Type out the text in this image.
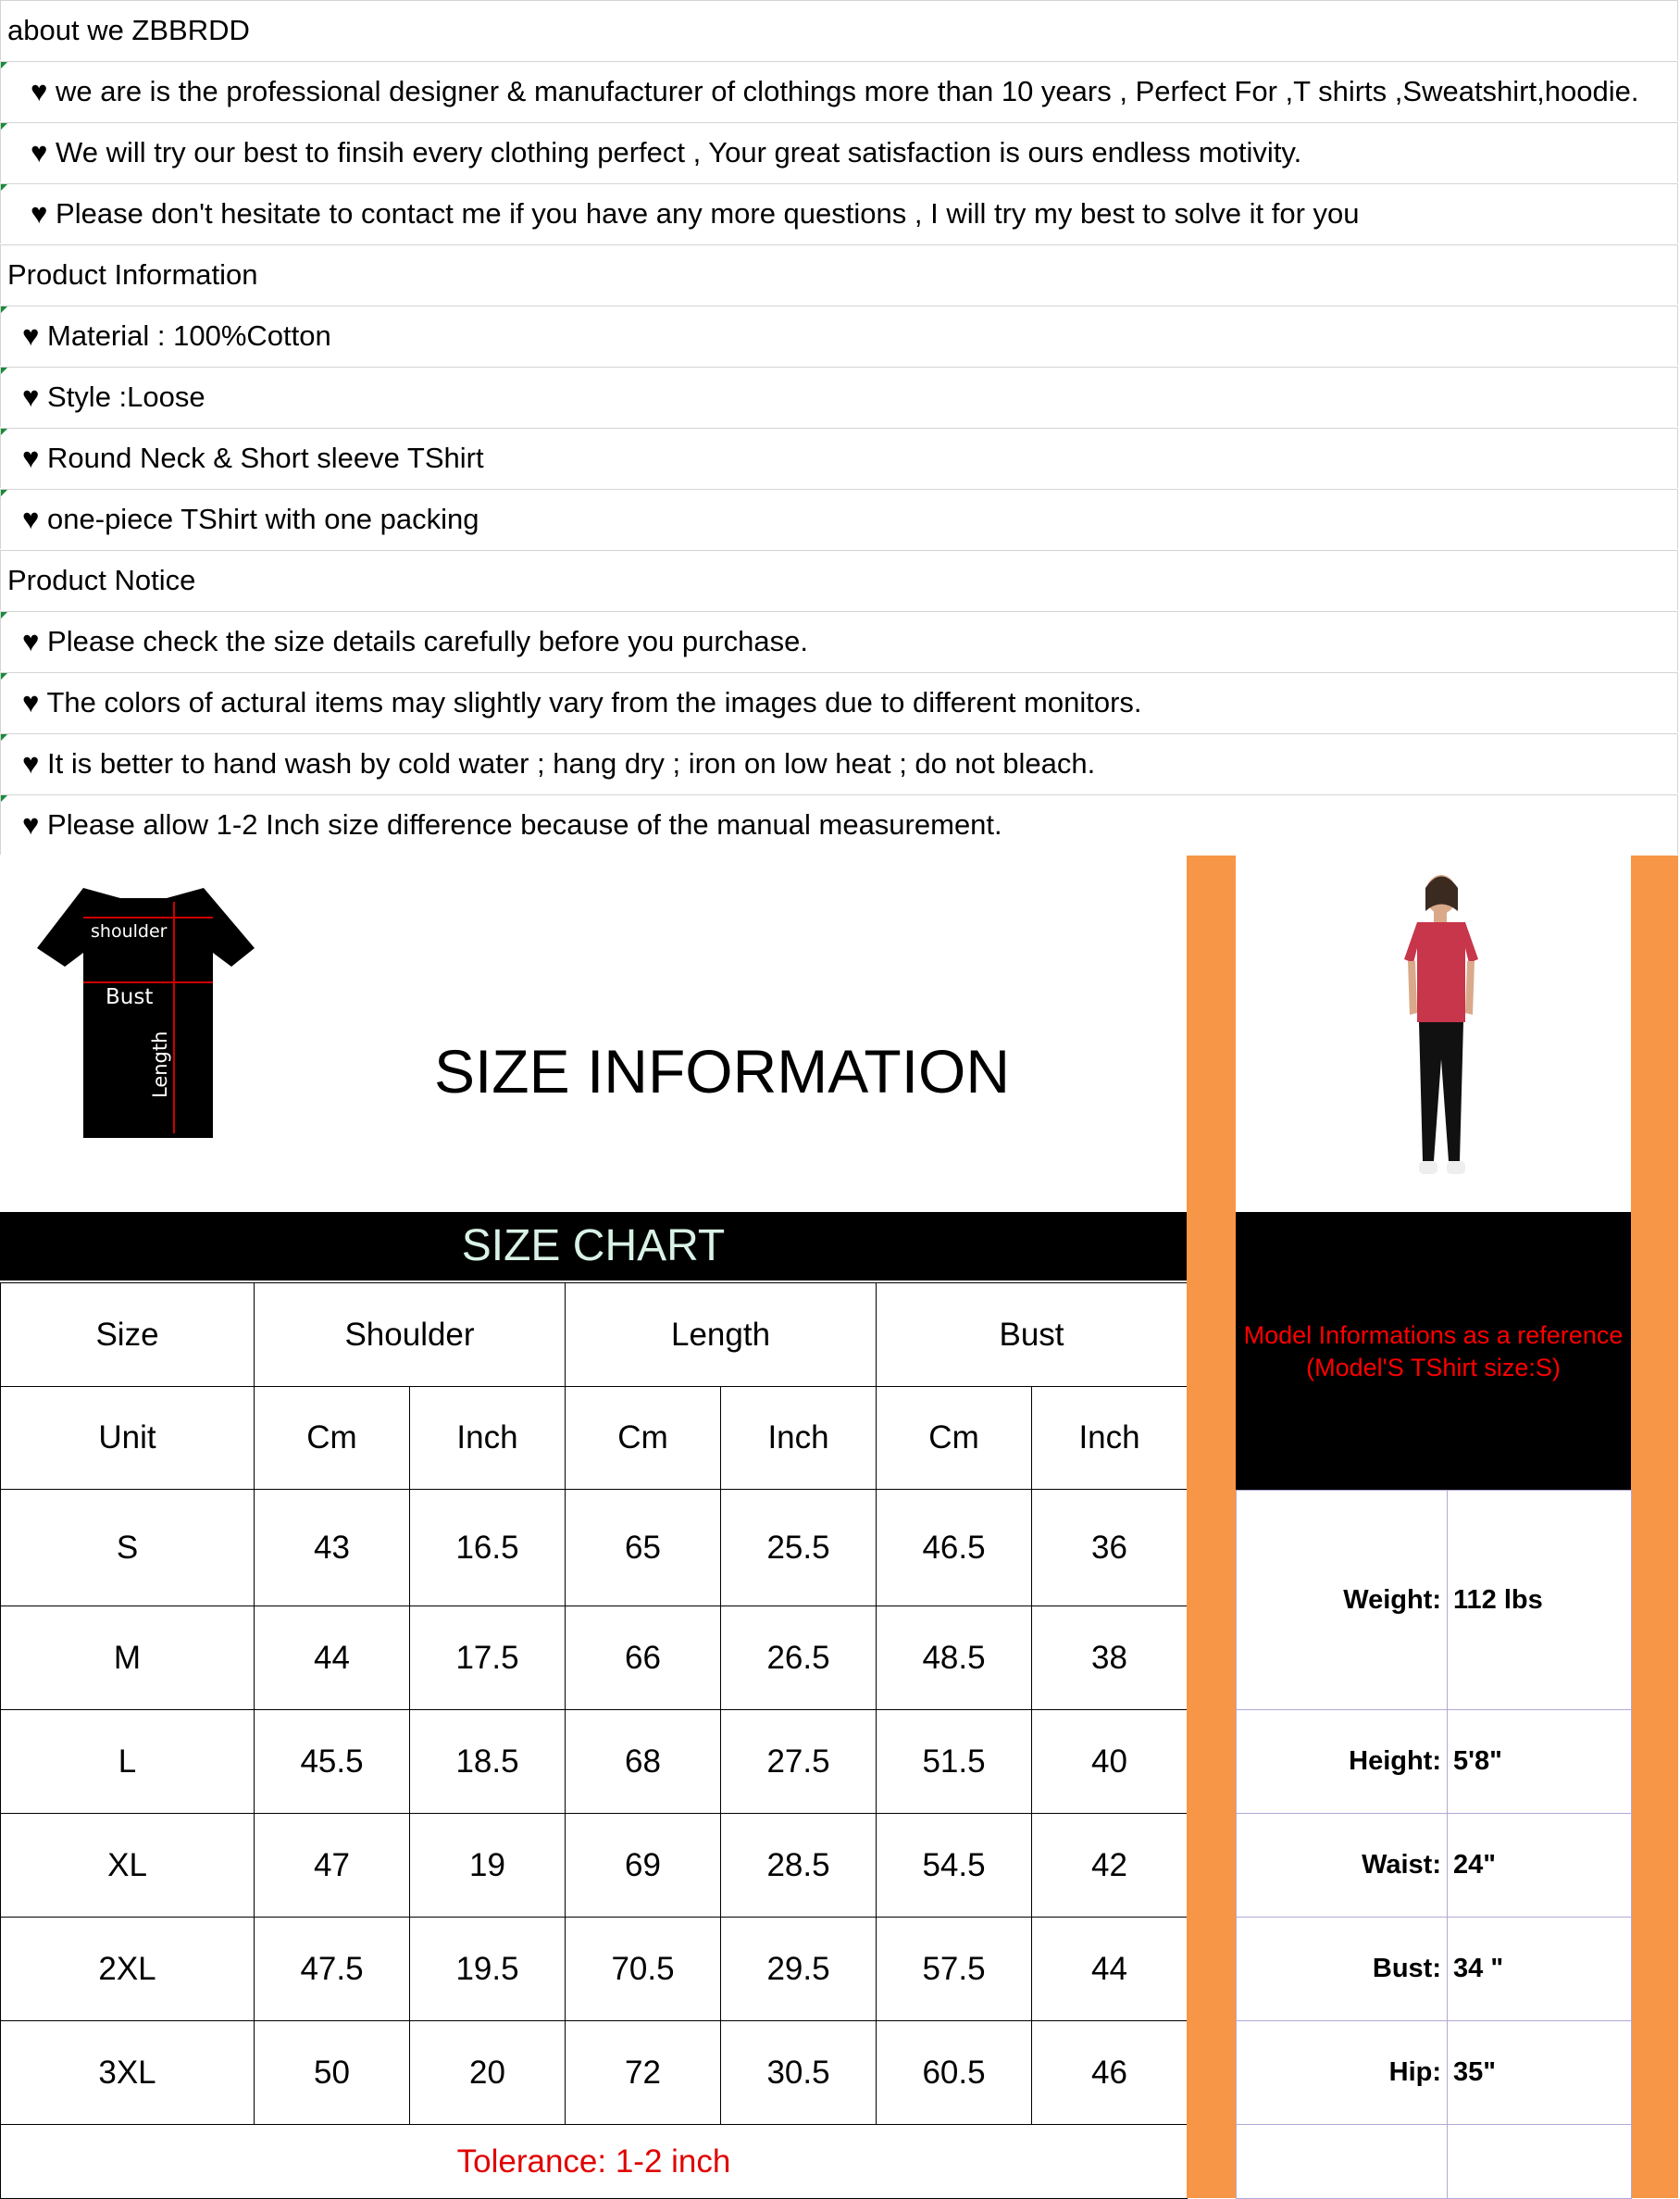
about we ZBBRDD
♥ we are is the professional designer & manufacturer of clothings more than 10 years , Perfect For ,T shirts ,Sweatshirt,hoodie.
♥ We will try our best to finsih every clothing perfect , Your great satisfaction is ours endless motivity.
♥ Please don't hesitate to contact me if you have any more questions , I will try my best to solve it for you
Product Information
♥ Material : 100%Cotton
♥ Style :Loose
♥ Round Neck & Short sleeve TShirt
♥ one-piece TShirt with one packing
Product Notice
♥ Please check the size details carefully before you purchase.
♥ The colors of actural items may slightly vary from the images due to different monitors.
♥ It is better to hand wash by cold water ; hang dry ; iron on low heat ; do not bleach.
♥ Please allow 1-2 Inch size difference because of the manual measurement.
shoulder
Bust
Length	SIZE INFORMATION
SIZE CHART
Size	Shoulder		Length		Bust	
Unit	Cm	Inch	Cm	Inch	Cm	Inch
S	43	16.5	65	25.5	46.5	36
M	44	17.5	66	26.5	48.5	38
L	45.5	18.5	68	27.5	51.5	40
XL	47	19	69	28.5	54.5	42
2XL	47.5	19.5	70.5	29.5	57.5	44
3XL	50	20	72	30.5	60.5	46
Tolerance: 1-2 inch						
Model Informations as a reference
(Model'S TShirt size:S)
Weight:	112 lbs
Height:	5'8"
Waist:	24"
Bust:	34 "
Hip:	35"
